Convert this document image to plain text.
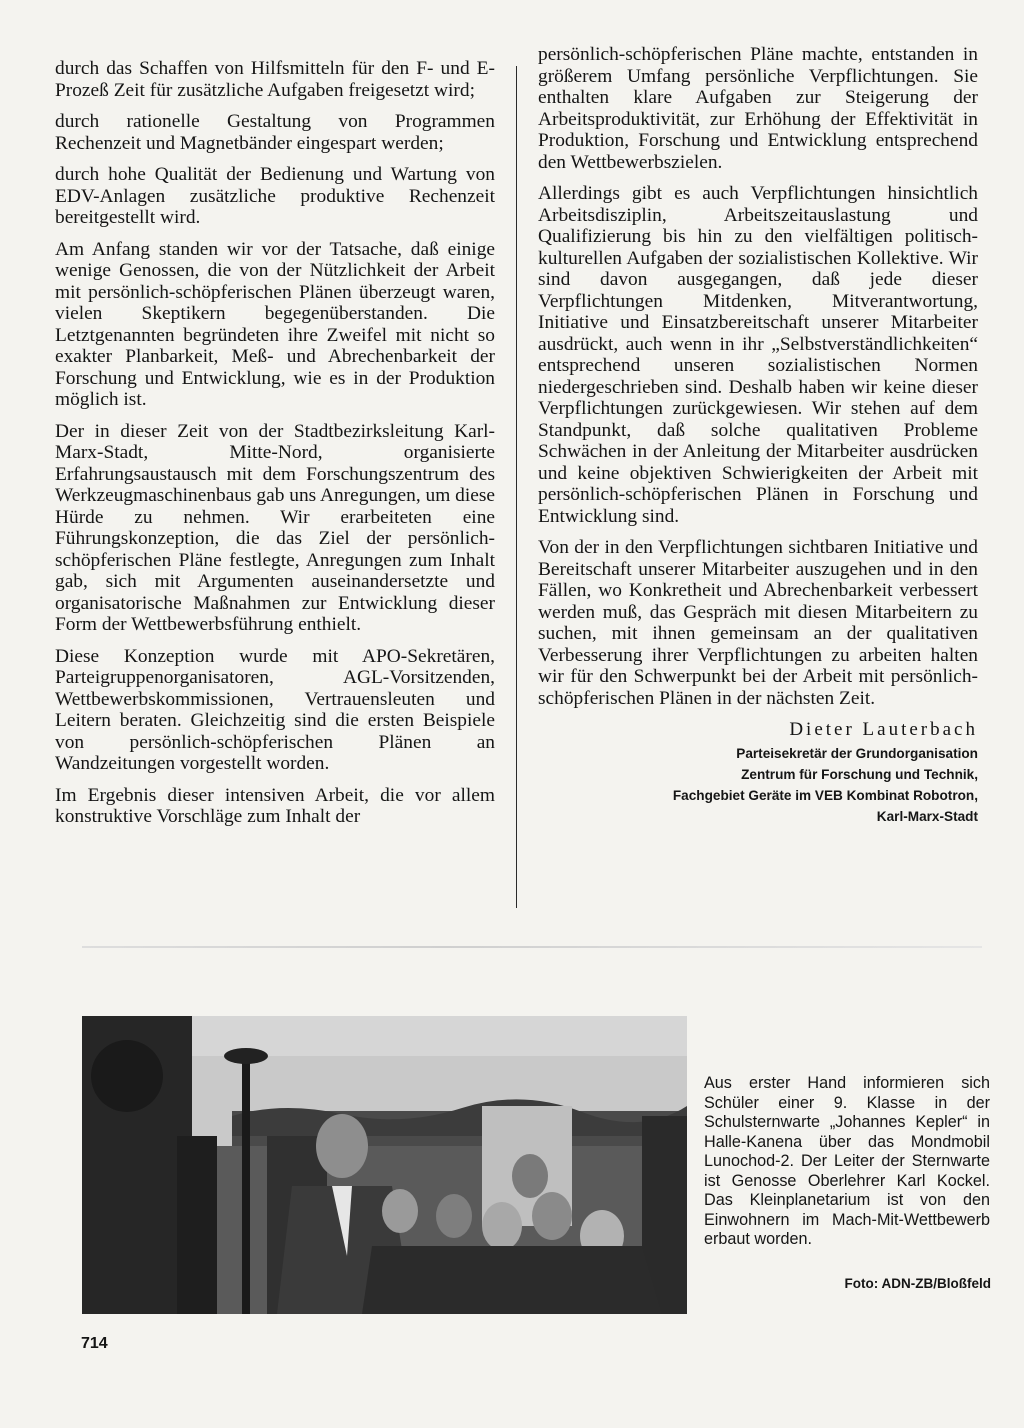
durch das Schaffen von Hilfsmitteln für den F- und E-Prozeß Zeit für zusätzliche Aufgaben freigesetzt wird;

durch rationelle Gestaltung von Programmen Rechenzeit und Magnetbänder eingespart werden;

durch hohe Qualität der Bedienung und Wartung von EDV-Anlagen zusätzliche produktive Rechenzeit bereitgestellt wird.

Am Anfang standen wir vor der Tatsache, daß einige wenige Genossen, die von der Nützlichkeit der Arbeit mit persönlich-schöpferischen Plänen überzeugt waren, vielen Skeptikern begegenüberstanden. Die Letztgenannten begründeten ihre Zweifel mit nicht so exakter Planbarkeit, Meß- und Abrechenbarkeit der Forschung und Entwicklung, wie es in der Produktion möglich ist.

Der in dieser Zeit von der Stadtbezirksleitung Karl-Marx-Stadt, Mitte-Nord, organisierte Erfahrungsaustausch mit dem Forschungszentrum des Werkzeugmaschinenbaus gab uns Anregungen, um diese Hürde zu nehmen. Wir erarbeiteten eine Führungskonzeption, die das Ziel der persönlich-schöpferischen Pläne festlegte, Anregungen zum Inhalt gab, sich mit Argumenten auseinandersetzte und organisatorische Maßnahmen zur Entwicklung dieser Form der Wettbewerbsführung enthielt.

Diese Konzeption wurde mit APO-Sekretären, Parteigruppenorganisatoren, AGL-Vorsitzenden, Wettbewerbskommissionen, Vertrauensleuten und Leitern beraten. Gleichzeitig sind die ersten Beispiele von persönlich-schöpferischen Plänen an Wandzeitungen vorgestellt worden.

Im Ergebnis dieser intensiven Arbeit, die vor allem konstruktive Vorschläge zum Inhalt der

persönlich-schöpferischen Pläne machte, entstanden in größerem Umfang persönliche Verpflichtungen. Sie enthalten klare Aufgaben zur Steigerung der Arbeitsproduktivität, zur Erhöhung der Effektivität in Produktion, Forschung und Entwicklung entsprechend den Wettbewerbszielen.

Allerdings gibt es auch Verpflichtungen hinsichtlich Arbeitsdisziplin, Arbeitszeitauslastung und Qualifizierung bis hin zu den vielfältigen politisch-kulturellen Aufgaben der sozialistischen Kollektive. Wir sind davon ausgegangen, daß jede dieser Verpflichtungen Mitdenken, Mitverantwortung, Initiative und Einsatzbereitschaft unserer Mitarbeiter ausdrückt, auch wenn in ihr „Selbstverständlichkeiten“ entsprechend unseren sozialistischen Normen niedergeschrieben sind. Deshalb haben wir keine dieser Verpflichtungen zurückgewiesen. Wir stehen auf dem Standpunkt, daß solche qualitativen Probleme Schwächen in der Anleitung der Mitarbeiter ausdrücken und keine objektiven Schwierigkeiten der Arbeit mit persönlich-schöpferischen Plänen in Forschung und Entwicklung sind.

Von der in den Verpflichtungen sichtbaren Initiative und Bereitschaft unserer Mitarbeiter auszugehen und in den Fällen, wo Konkretheit und Abrechenbarkeit verbessert werden muß, das Gespräch mit diesen Mitarbeitern zu suchen, mit ihnen gemeinsam an der qualitativen Verbesserung ihrer Verpflichtungen zu arbeiten halten wir für den Schwerpunkt bei der Arbeit mit persönlich-schöpferischen Plänen in der nächsten Zeit.

Dieter Lauterbach
Parteisekretär der Grundorganisation
Zentrum für Forschung und Technik,
Fachgebiet Geräte im VEB Kombinat Robotron,
Karl-Marx-Stadt
Aus erster Hand informieren sich Schüler einer 9. Klasse in der Schulsternwarte „Johannes Kepler“ in Halle-Kanena über das Mondmobil Lunochod-2. Der Leiter der Sternwarte ist Genosse Oberlehrer Karl Kockel. Das Kleinplanetarium ist von den Einwohnern im Mach-Mit-Wettbewerb erbaut worden.
Foto: ADN-ZB/Bloßfeld
714
